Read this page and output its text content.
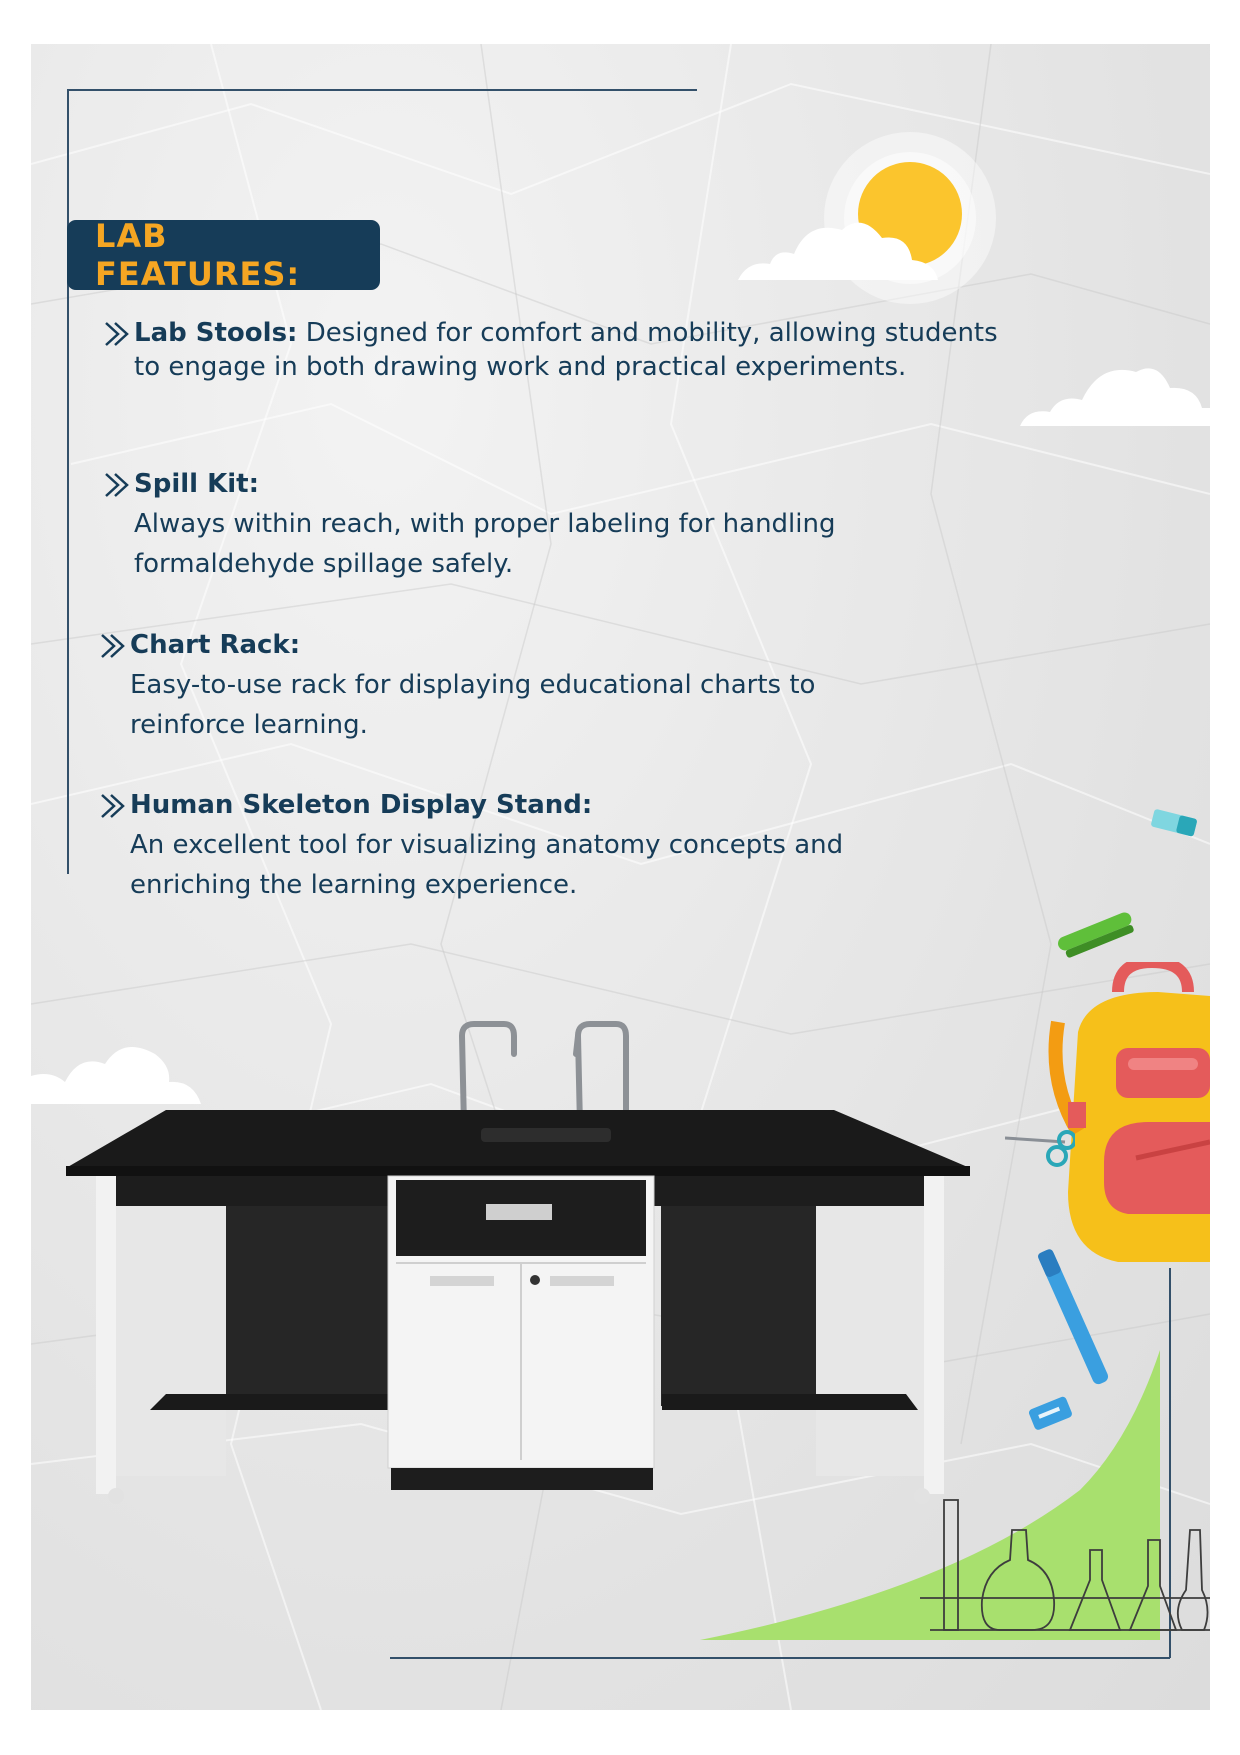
LAB FEATURES:
Lab Stools: Designed for comfort and mobility, allowing students
to engage in both drawing work and practical experiments.
Spill Kit:
Always within reach, with proper labeling for handling
formaldehyde spillage safely.
Chart Rack:
Easy-to-use rack for displaying educational charts to
reinforce learning.
Human Skeleton Display Stand:
An excellent tool for visualizing anatomy concepts and
enriching the learning experience.
